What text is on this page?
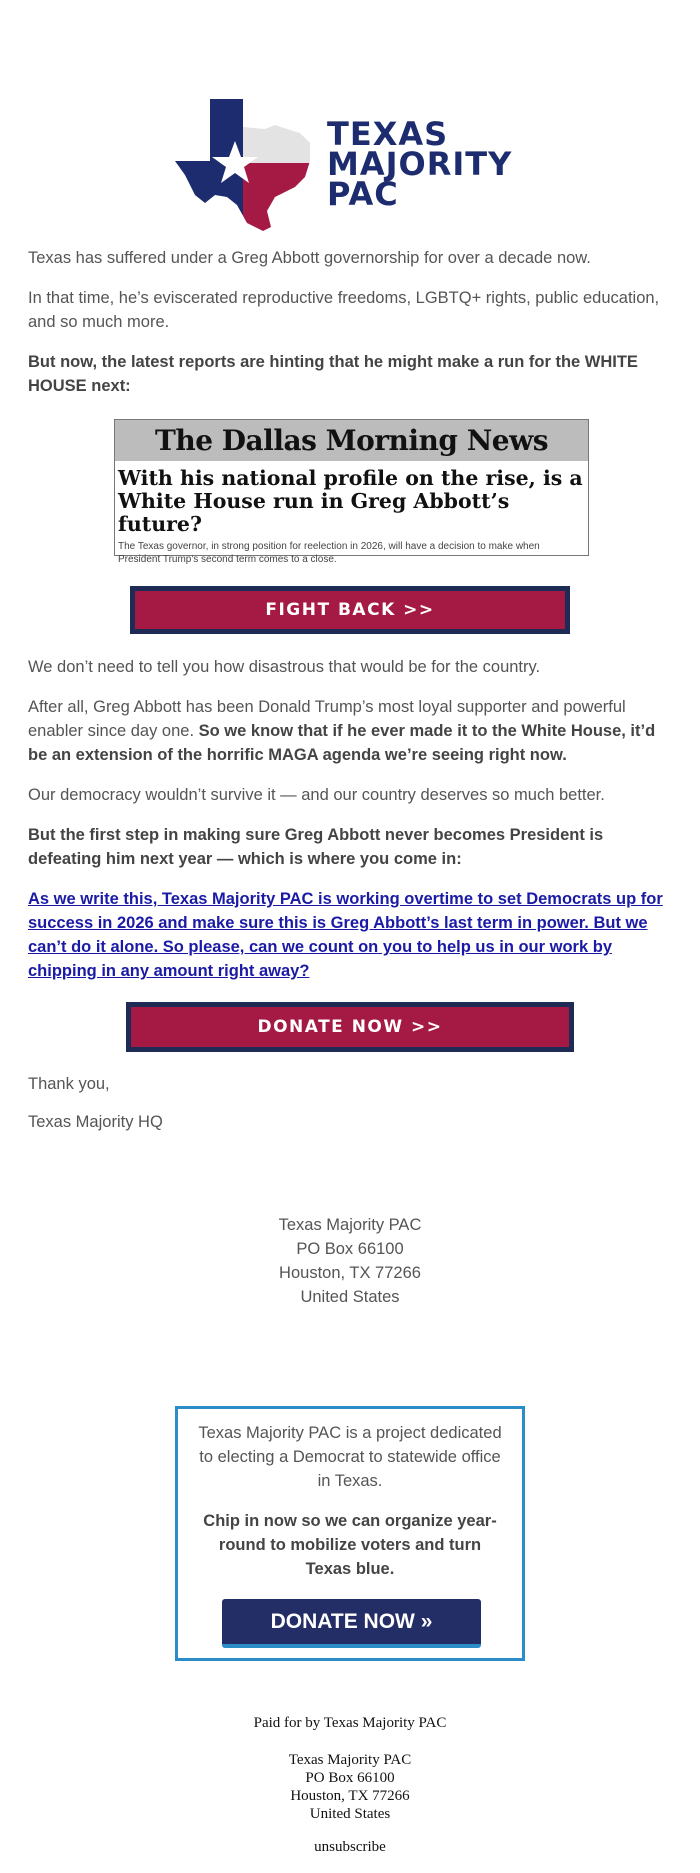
TEXAS
MAJORITY
PAC

Texas has suffered under a Greg Abbott governorship for over a decade now.

In that time, he’s eviscerated reproductive freedoms, LGBTQ+ rights, public education, and so much more.

But now, the latest reports are hinting that he might make a run for the WHITE HOUSE next:

The Dallas Morning News
With his national profile on the rise, is a White House run in Greg Abbott’s future?
The Texas governor, in strong position for reelection in 2026, will have a decision to make when President Trump's second term comes to a close.
FIGHT BACK >>

We don’t need to tell you how disastrous that would be for the country.

After all, Greg Abbott has been Donald Trump’s most loyal supporter and powerful enabler since day one. So we know that if he ever made it to the White House, it’d be an extension of the horrific MAGA agenda we’re seeing right now.

Our democracy wouldn’t survive it — and our country deserves so much better.

But the first step in making sure Greg Abbott never becomes President is defeating him next year — which is where you come in:

As we write this, Texas Majority PAC is working overtime to set Democrats up for success in 2026 and make sure this is Greg Abbott’s last term in power. But we can’t do it alone. So please, can we count on you to help us in our work by chipping in any amount right away?

DONATE NOW >>

Thank you,

Texas Majority HQ

Texas Majority PAC
PO Box 66100
Houston, TX 77266
United States

Texas Majority PAC is a project dedicated to electing a Democrat to statewide office in Texas.

Chip in now so we can organize year-round to mobilize voters and turn Texas blue.

DONATE NOW »
Paid for by Texas Majority PAC
Texas Majority PAC
PO Box 66100
Houston, TX 77266
United States
unsubscribe
